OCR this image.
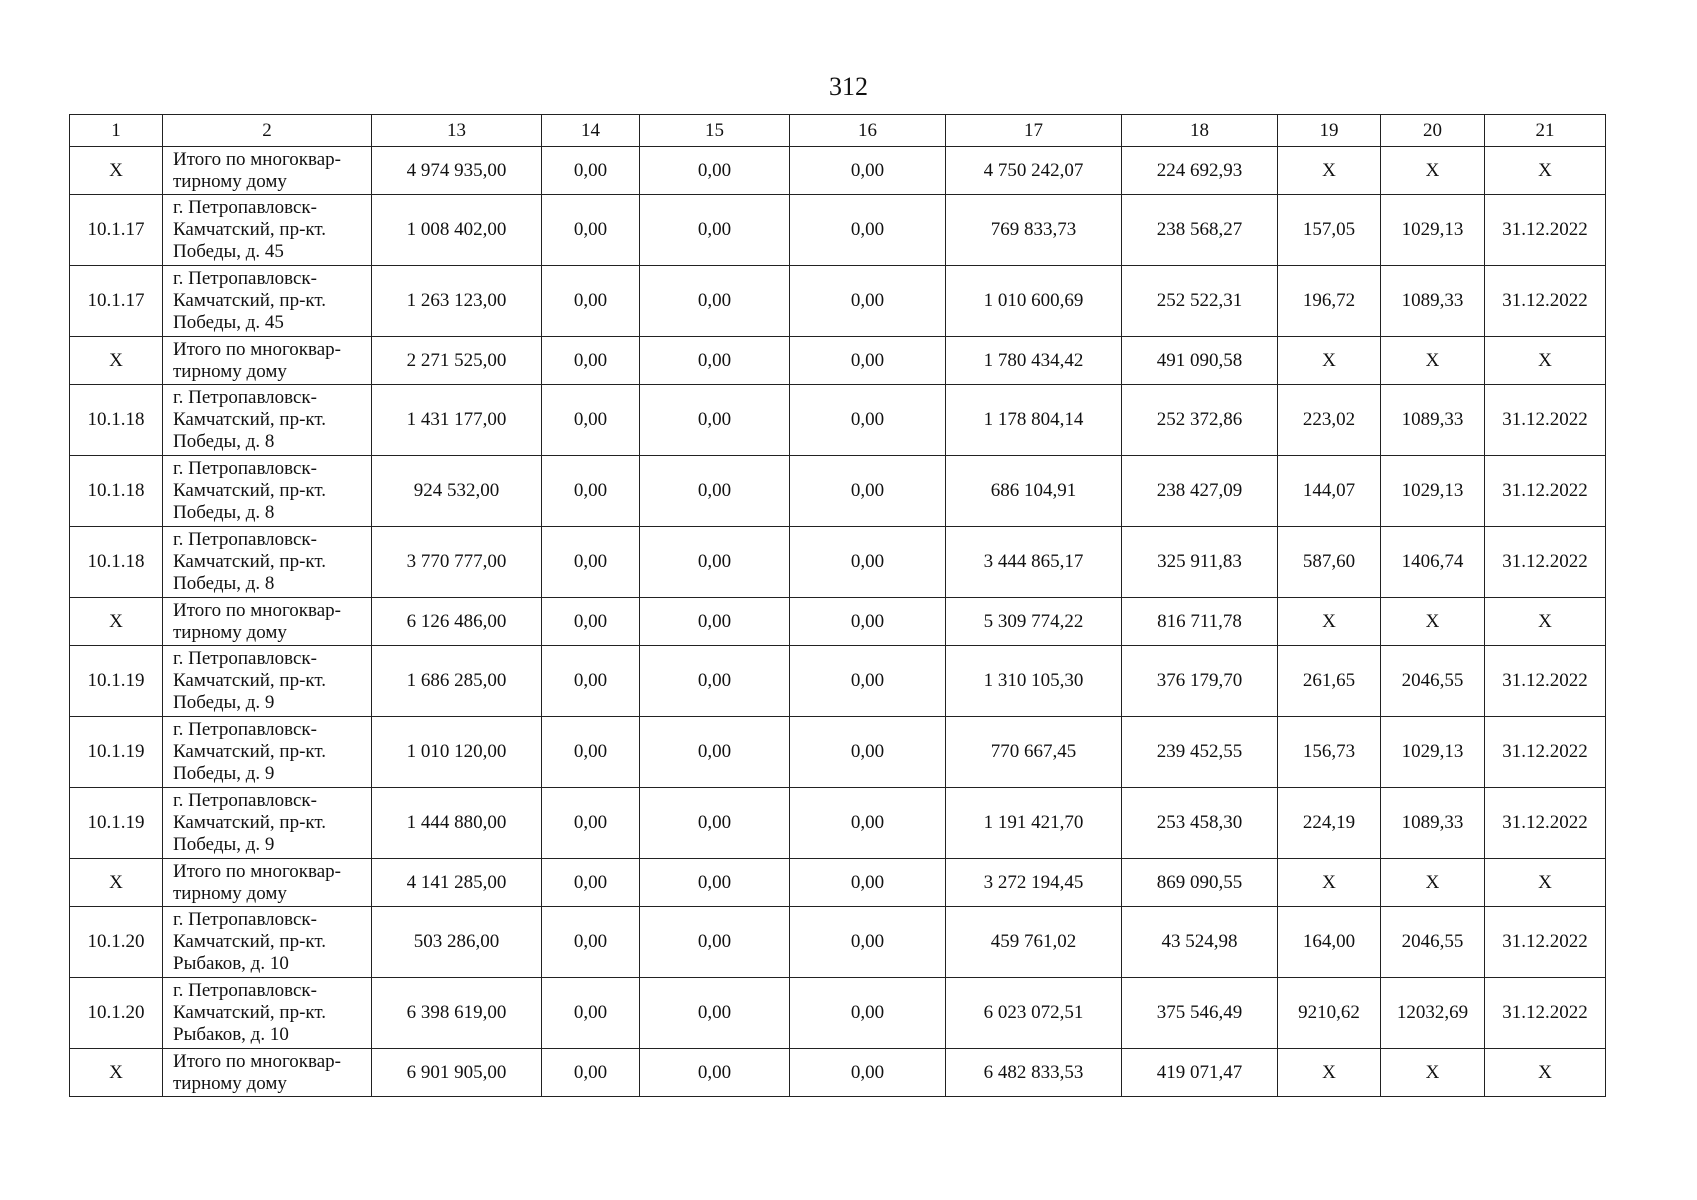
312
1	2	13	14	15	16	17	18	19	20	21
X	Итого по многоквар-
тирному дому	4 974 935,00	0,00	0,00	0,00	4 750 242,07	224 692,93	X	X	X
10.1.17	г. Петропавловск-
Камчатский, пр-кт.
Победы, д. 45	1 008 402,00	0,00	0,00	0,00	769 833,73	238 568,27	157,05	1029,13	31.12.2022
10.1.17	г. Петропавловск-
Камчатский, пр-кт.
Победы, д. 45	1 263 123,00	0,00	0,00	0,00	1 010 600,69	252 522,31	196,72	1089,33	31.12.2022
X	Итого по многоквар-
тирному дому	2 271 525,00	0,00	0,00	0,00	1 780 434,42	491 090,58	X	X	X
10.1.18	г. Петропавловск-
Камчатский, пр-кт.
Победы, д. 8	1 431 177,00	0,00	0,00	0,00	1 178 804,14	252 372,86	223,02	1089,33	31.12.2022
10.1.18	г. Петропавловск-
Камчатский, пр-кт.
Победы, д. 8	924 532,00	0,00	0,00	0,00	686 104,91	238 427,09	144,07	1029,13	31.12.2022
10.1.18	г. Петропавловск-
Камчатский, пр-кт.
Победы, д. 8	3 770 777,00	0,00	0,00	0,00	3 444 865,17	325 911,83	587,60	1406,74	31.12.2022
X	Итого по многоквар-
тирному дому	6 126 486,00	0,00	0,00	0,00	5 309 774,22	816 711,78	X	X	X
10.1.19	г. Петропавловск-
Камчатский, пр-кт.
Победы, д. 9	1 686 285,00	0,00	0,00	0,00	1 310 105,30	376 179,70	261,65	2046,55	31.12.2022
10.1.19	г. Петропавловск-
Камчатский, пр-кт.
Победы, д. 9	1 010 120,00	0,00	0,00	0,00	770 667,45	239 452,55	156,73	1029,13	31.12.2022
10.1.19	г. Петропавловск-
Камчатский, пр-кт.
Победы, д. 9	1 444 880,00	0,00	0,00	0,00	1 191 421,70	253 458,30	224,19	1089,33	31.12.2022
X	Итого по многоквар-
тирному дому	4 141 285,00	0,00	0,00	0,00	3 272 194,45	869 090,55	X	X	X
10.1.20	г. Петропавловск-
Камчатский, пр-кт.
Рыбаков, д. 10	503 286,00	0,00	0,00	0,00	459 761,02	43 524,98	164,00	2046,55	31.12.2022
10.1.20	г. Петропавловск-
Камчатский, пр-кт.
Рыбаков, д. 10	6 398 619,00	0,00	0,00	0,00	6 023 072,51	375 546,49	9210,62	12032,69	31.12.2022
X	Итого по многоквар-
тирному дому	6 901 905,00	0,00	0,00	0,00	6 482 833,53	419 071,47	X	X	X
